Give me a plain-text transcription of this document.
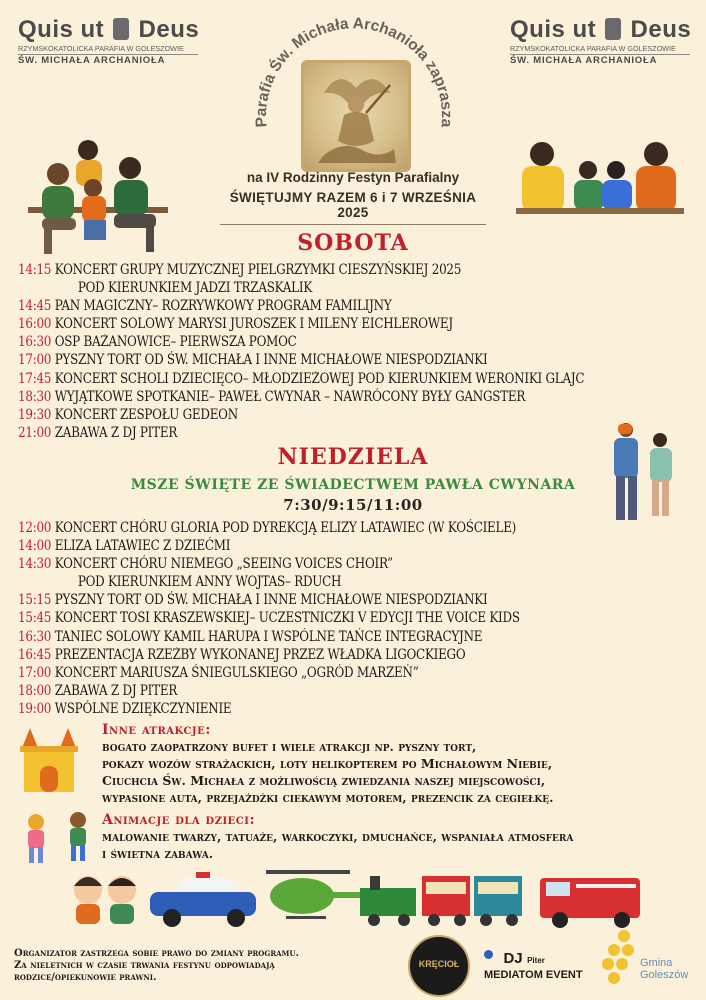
Quis ut Deus
RZYMSKOKATOLICKA PARAFIA W GOLESZOWIE
ŚW. MICHAŁA ARCHANIOŁA
Quis ut Deus
RZYMSKOKATOLICKA PARAFIA W GOLESZOWIE
ŚW. MICHAŁA ARCHANIOŁA
Parafia Św. Michała Archanioła zaprasza
na IV Rodzinny Festyn Parafialny
ŚWIĘTUJMY RAZEM 6 i 7 WRZEŚNIA 2025
SOBOTA
14:15 KONCERT GRUPY MUZYCZNEJ PIELGRZYMKI CIESZYŃSKIEJ 2025
POD KIERUNKIEM JADZI TRZASKALIK
14:45 PAN MAGICZNY– ROZRYWKOWY PROGRAM FAMILIJNY
16:00 KONCERT SOLOWY MARYSI JUROSZEK I MILENY EICHLEROWEJ
16:30 OSP BAŻANOWICE– PIERWSZA POMOC
17:00 PYSZNY TORT OD ŚW. MICHAŁA I INNE MICHAŁOWE NIESPODZIANKI
17:45 KONCERT SCHOLI DZIECIĘCO– MŁODZIEŻOWEJ POD KIERUNKIEM WERONIKI GLAJC
18:30 WYJĄTKOWE SPOTKANIE– PAWEŁ CWYNAR – NAWRÓCONY BYŁY GANGSTER
19:30 KONCERT ZESPOŁU GEDEON
21:00 ZABAWA Z DJ PITER
NIEDZIELA
MSZE ŚWIĘTE ZE ŚWIADECTWEM PAWŁA CWYNARA
7:30/9:15/11:00
12:00 KONCERT CHÓRU GLORIA POD DYREKCJĄ ELIZY LATAWIEC (W KOŚCIELE)
14:00 ELIZA LATAWIEC Z DZIEĆMI
14:30 KONCERT CHÓRU NIEMEGO „SEEING VOICES CHOIR”
POD KIERUNKIEM ANNY WOJTAS– RDUCH
15:15 PYSZNY TORT OD ŚW. MICHAŁA I INNE MICHAŁOWE NIESPODZIANKI
15:45 KONCERT TOSI KRASZEWSKIEJ– UCZESTNICZKI V EDYCJI THE VOICE KIDS
16:30 TANIEC SOLOWY KAMIL HARUPA I WSPÓLNE TAŃCE INTEGRACYJNE
16:45 PREZENTACJA RZEŹBY WYKONANEJ PRZEZ WŁADKA LIGOCKIEGO
17:00 KONCERT MARIUSZA ŚNIEGULSKIEGO „OGRÓD MARZEŃ”
18:00 ZABAWA Z DJ PITER
19:00 WSPÓLNE DZIĘKCZYNIENIE
Inne atrakcje:
bogato zaopatrzony bufet i wiele atrakcji np. pyszny tort,
pokazy wozów strażackich, loty helikopterem po Michałowym Niebie,
Ciuchcia Św. Michała z możliwością zwiedzania naszej miejscowości,
wypasione auta, przejażdżki ciekawym motorem, prezencik za cegiełkę.
Animacje dla dzieci:
malowanie twarzy, tatuaże, warkoczyki, dmuchańce, wspaniała atmosfera
i świetna zabawa.
Organizator zastrzega sobie prawo do zmiany programu.
Za nieletnich w czasie trwania festynu odpowiadają
rodzice/opiekunowie prawni.
KRĘCIOŁ	DJ Piter
MEDIATOM EVENT
Gmina
Goleszów
